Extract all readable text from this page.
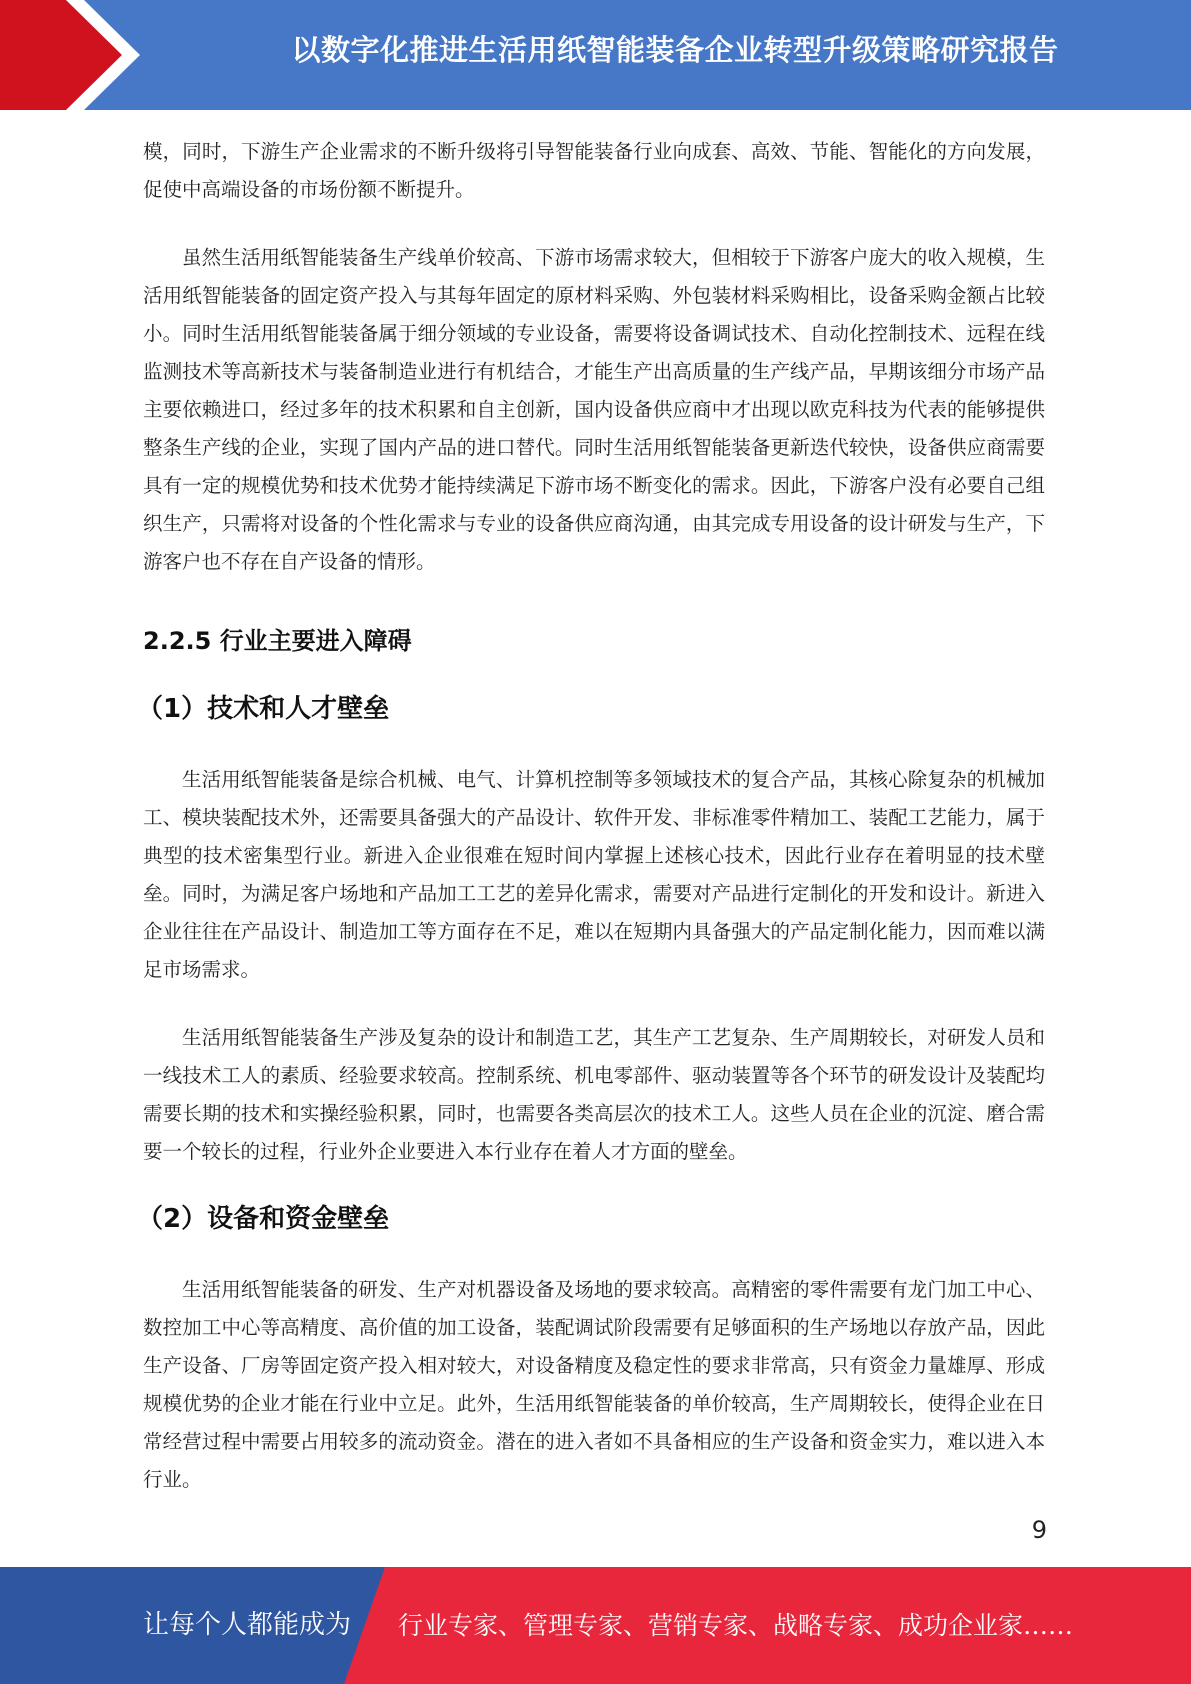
以数字化推进生活用纸智能装备企业转型升级策略研究报告

模，同时，下游生产企业需求的不断升级将引导智能装备行业向成套、高效、节能、智能化的方向发展，促使中高端设备的市场份额不断提升。

虽然生活用纸智能装备生产线单价较高、下游市场需求较大，但相较于下游客户庞大的收入规模，生活用纸智能装备的固定资产投入与其每年固定的原材料采购、外包装材料采购相比，设备采购金额占比较小。同时生活用纸智能装备属于细分领域的专业设备，需要将设备调试技术、自动化控制技术、远程在线监测技术等高新技术与装备制造业进行有机结合，才能生产出高质量的生产线产品，早期该细分市场产品主要依赖进口，经过多年的技术积累和自主创新，国内设备供应商中才出现以欧克科技为代表的能够提供整条生产线的企业，实现了国内产品的进口替代。同时生活用纸智能装备更新迭代较快，设备供应商需要具有一定的规模优势和技术优势才能持续满足下游市场不断变化的需求。因此，下游客户没有必要自己组织生产，只需将对设备的个性化需求与专业的设备供应商沟通，由其完成专用设备的设计研发与生产，下游客户也不存在自产设备的情形。

2.2.5 行业主要进入障碍
（1）技术和人才壁垒

生活用纸智能装备是综合机械、电气、计算机控制等多领域技术的复合产品，其核心除复杂的机械加工、模块装配技术外，还需要具备强大的产品设计、软件开发、非标准零件精加工、装配工艺能力，属于典型的技术密集型行业。新进入企业很难在短时间内掌握上述核心技术，因此行业存在着明显的技术壁垒。同时，为满足客户场地和产品加工工艺的差异化需求，需要对产品进行定制化的开发和设计。新进入企业往往在产品设计、制造加工等方面存在不足，难以在短期内具备强大的产品定制化能力，因而难以满足市场需求。

生活用纸智能装备生产涉及复杂的设计和制造工艺，其生产工艺复杂、生产周期较长，对研发人员和一线技术工人的素质、经验要求较高。控制系统、机电零部件、驱动装置等各个环节的研发设计及装配均需要长期的技术和实操经验积累，同时，也需要各类高层次的技术工人。这些人员在企业的沉淀、磨合需要一个较长的过程，行业外企业要进入本行业存在着人才方面的壁垒。

（2）设备和资金壁垒

生活用纸智能装备的研发、生产对机器设备及场地的要求较高。高精密的零件需要有龙门加工中心、数控加工中心等高精度、高价值的加工设备，装配调试阶段需要有足够面积的生产场地以存放产品，因此生产设备、厂房等固定资产投入相对较大，对设备精度及稳定性的要求非常高，只有资金力量雄厚、形成规模优势的企业才能在行业中立足。此外，生活用纸智能装备的单价较高，生产周期较长，使得企业在日常经营过程中需要占用较多的流动资金。潜在的进入者如不具备相应的生产设备和资金实力，难以进入本行业。

9
让每个人都能成为 行业专家、管理专家、营销专家、战略专家、成功企业家……
